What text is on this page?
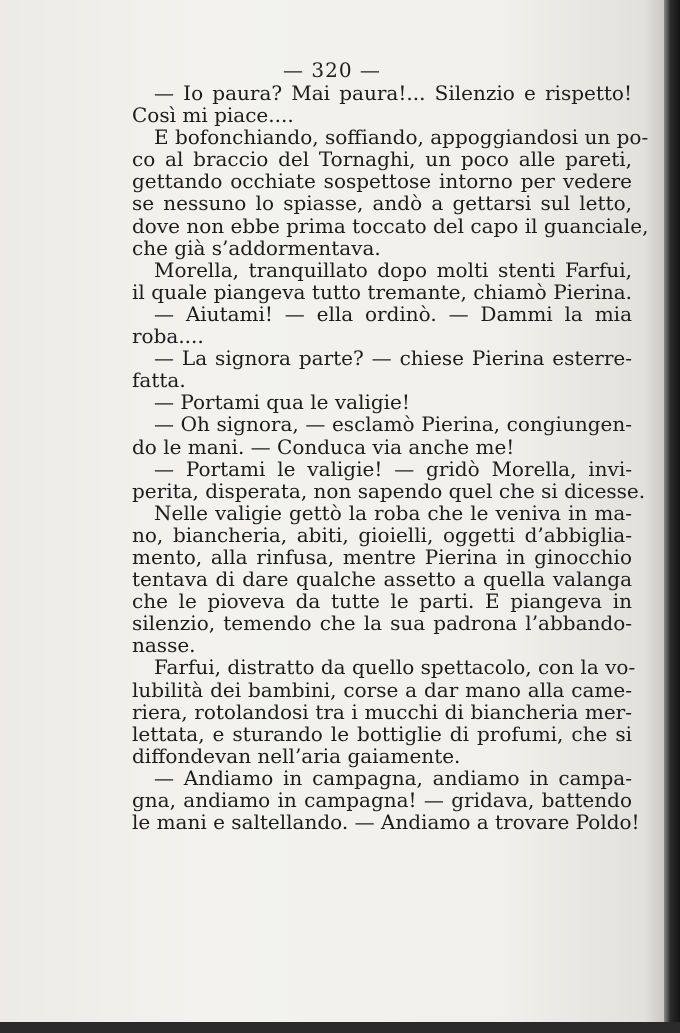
— 320 —
— Io paura? Mai paura!... Silenzio e rispetto!
Così mi piace....
E bofonchiando, soffiando, appoggiandosi un po-
co al braccio del Tornaghi, un poco alle pareti,
gettando occhiate sospettose intorno per vedere
se nessuno lo spiasse, andò a gettarsi sul letto,
dove non ebbe prima toccato del capo il guanciale,
che già s’addormentava.
Morella, tranquillato dopo molti stenti Farfui,
il quale piangeva tutto tremante, chiamò Pierina.
— Aiutami! — ella ordinò. — Dammi la mia
roba....
— La signora parte? — chiese Pierina esterre-
fatta.
— Portami qua le valigie!
— Oh signora, — esclamò Pierina, congiungen-
do le mani. — Conduca via anche me!
— Portami le valigie! — gridò Morella, invi-
perita, disperata, non sapendo quel che si dicesse.
Nelle valigie gettò la roba che le veniva in ma-
no, biancheria, abiti, gioielli, oggetti d’abbiglia-
mento, alla rinfusa, mentre Pierina in ginocchio
tentava di dare qualche assetto a quella valanga
che le pioveva da tutte le parti. E piangeva in
silenzio, temendo che la sua padrona l’abbando-
nasse.
Farfui, distratto da quello spettacolo, con la vo-
lubilità dei bambini, corse a dar mano alla came-
riera, rotolandosi tra i mucchi di biancheria mer-
lettata, e sturando le bottiglie di profumi, che si
diffondevan nell’aria gaiamente.
— Andiamo in campagna, andiamo in campa-
gna, andiamo in campagna! — gridava, battendo
le mani e saltellando. — Andiamo a trovare Poldo!
